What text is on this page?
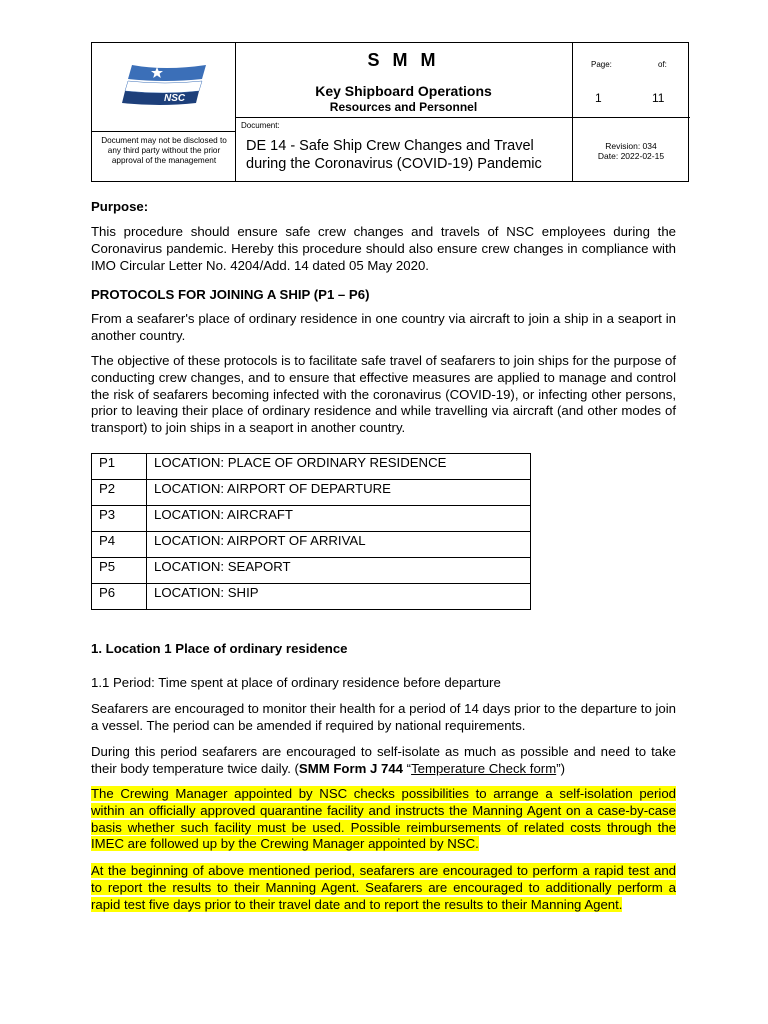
NSC
Document may not be disclosed to any third party without the prior approval of the management
S M M
Key Shipboard Operations
Resources and Personnel
Document:
DE 14 - Safe Ship Crew Changes and Travel during the Coronavirus (COVID-19) Pandemic
Page:	of:
1	11
Revision: 034
Date: 2022-02-15

Purpose:

This procedure should ensure safe crew changes and travels of NSC employees during the Coronavirus pandemic. Hereby this procedure should also ensure crew changes in compliance with IMO Circular Letter No. 4204/Add. 14 dated 05 May 2020.

PROTOCOLS FOR JOINING A SHIP (P1 – P6)

From a seafarer's place of ordinary residence in one country via aircraft to join a ship in a seaport in another country.

The objective of these protocols is to facilitate safe travel of seafarers to join ships for the purpose of conducting crew changes, and to ensure that effective measures are applied to manage and control the risk of seafarers becoming infected with the coronavirus (COVID-19), or infecting other persons, prior to leaving their place of ordinary residence and while travelling via aircraft (and other modes of transport) to join ships in a seaport in another country.

P1	LOCATION: PLACE OF ORDINARY RESIDENCE
P2	LOCATION: AIRPORT OF DEPARTURE
P3	LOCATION: AIRCRAFT
P4	LOCATION: AIRPORT OF ARRIVAL
P5	LOCATION: SEAPORT
P6	LOCATION: SHIP

1. Location 1 Place of ordinary residence

1.1 Period: Time spent at place of ordinary residence before departure

Seafarers are encouraged to monitor their health for a period of 14 days prior to the departure to join a vessel. The period can be amended if required by national requirements.

During this period seafarers are encouraged to self-isolate as much as possible and need to take their body temperature twice daily. (SMM Form J 744 “Temperature Check form”)

The Crewing Manager appointed by NSC checks possibilities to arrange a self-isolation period within an officially approved quarantine facility and instructs the Manning Agent on a case-by-case basis whether such facility must be used. Possible reimbursements of related costs through the IMEC are followed up by the Crewing Manager appointed by NSC.

At the beginning of above mentioned period, seafarers are encouraged to perform a rapid test and to report the results to their Manning Agent. Seafarers are encouraged to additionally perform a rapid test five days prior to their travel date and to report the results to their Manning Agent.
